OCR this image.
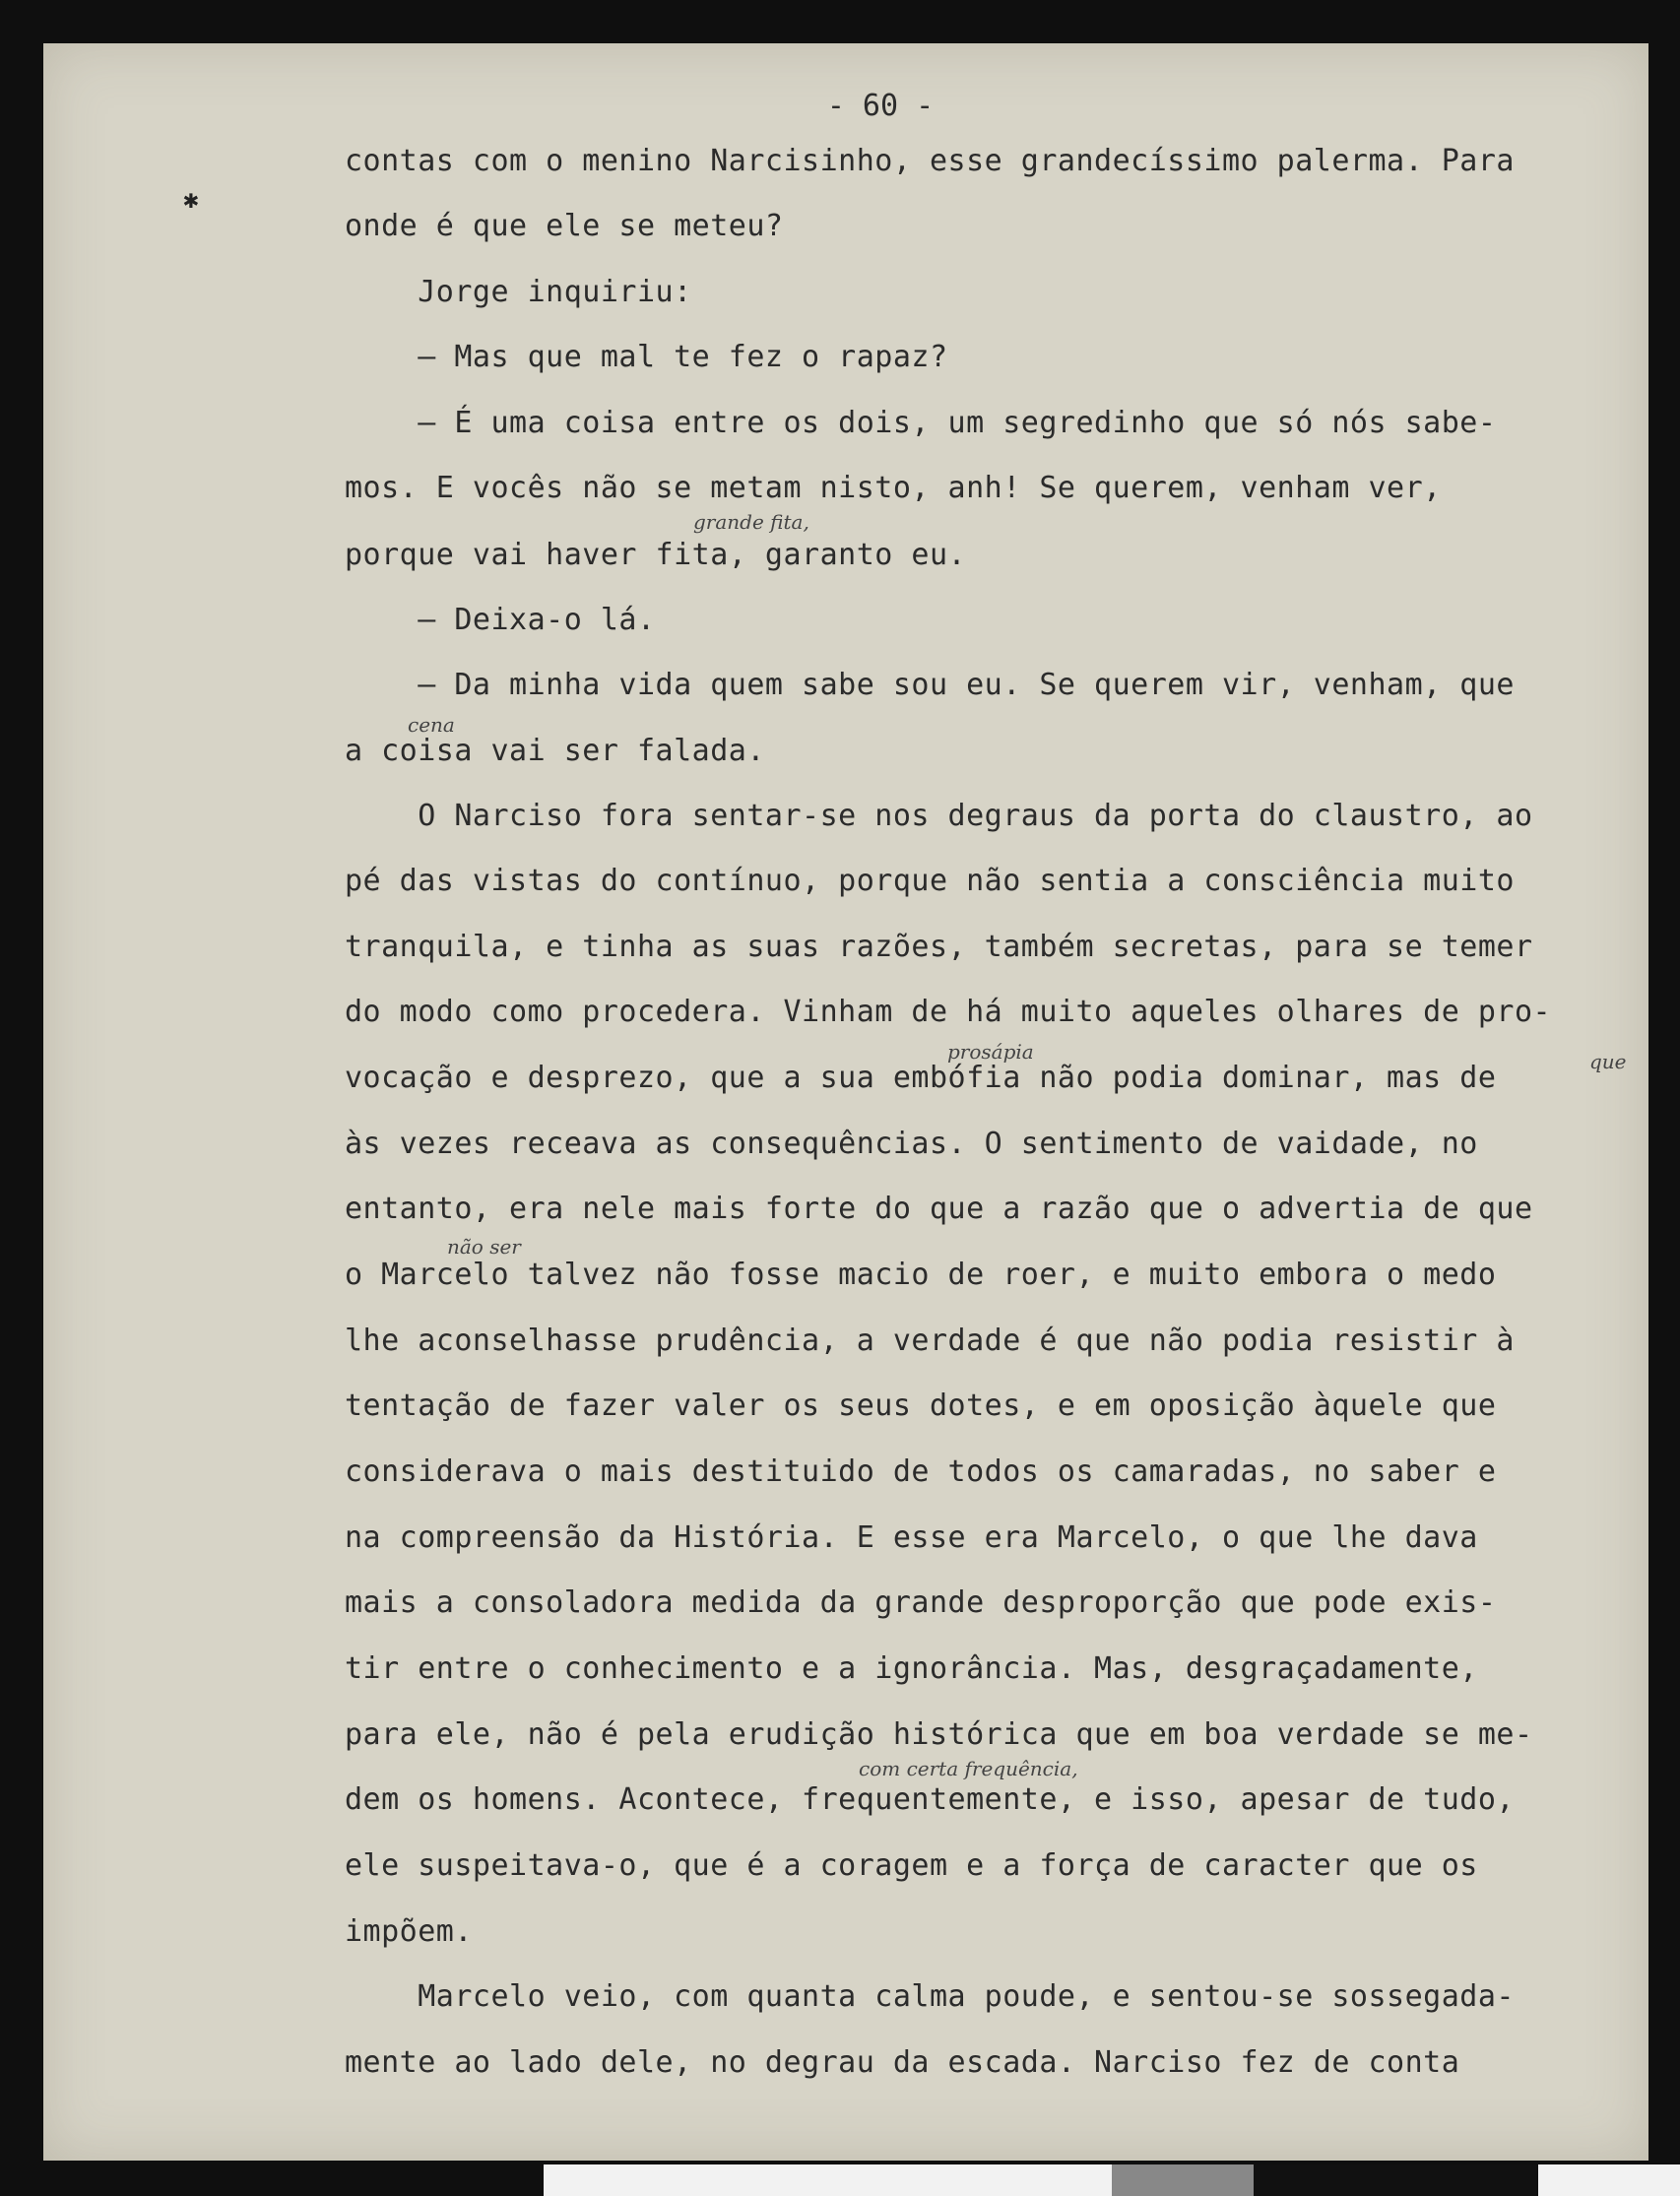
- 60 -
contas com o menino Narcisinho, esse grandecíssimo palerma. Para
onde é que ele se meteu?
Jorge inquiriu:
— Mas que mal te fez o rapaz?
— É uma coisa entre os dois, um segredinho que só nós sabe-
mos. E vocês não se metam nisto, anh! Se querem, venham ver,
porque vai haver fita, garanto eu.
— Deixa-o lá.
— Da minha vida quem sabe sou eu. Se querem vir, venham, que
a coisa vai ser falada.
O Narciso fora sentar-se nos degraus da porta do claustro, ao
pé das vistas do contínuo, porque não sentia a consciência muito
tranquila, e tinha as suas razões, também secretas, para se temer
do modo como procedera. Vinham de há muito aqueles olhares de pro-
vocação e desprezo, que a sua embófia não podia dominar, mas de
às vezes receava as consequências. O sentimento de vaidade, no
entanto, era nele mais forte do que a razão que o advertia de que
o Marcelo talvez não fosse macio de roer, e muito embora o medo
lhe aconselhasse prudência, a verdade é que não podia resistir à
tentação de fazer valer os seus dotes, e em oposição àquele que
considerava o mais destituido de todos os camaradas, no saber e
na compreensão da História. E esse era Marcelo, o que lhe dava
mais a consoladora medida da grande desproporção que pode exis-
tir entre o conhecimento e a ignorância. Mas, desgraçadamente,
para ele, não é pela erudição histórica que em boa verdade se me-
dem os homens. Acontece, frequentemente, e isso, apesar de tudo,
ele suspeitava-o, que é a coragem e a força de caracter que os
impõem.
Marcelo veio, com quanta calma poude, e sentou-se sossegada-
mente ao lado dele, no degrau da escada. Narciso fez de conta
grande fita,
cena
prosápia	que
não ser
com certa frequência,
✱
